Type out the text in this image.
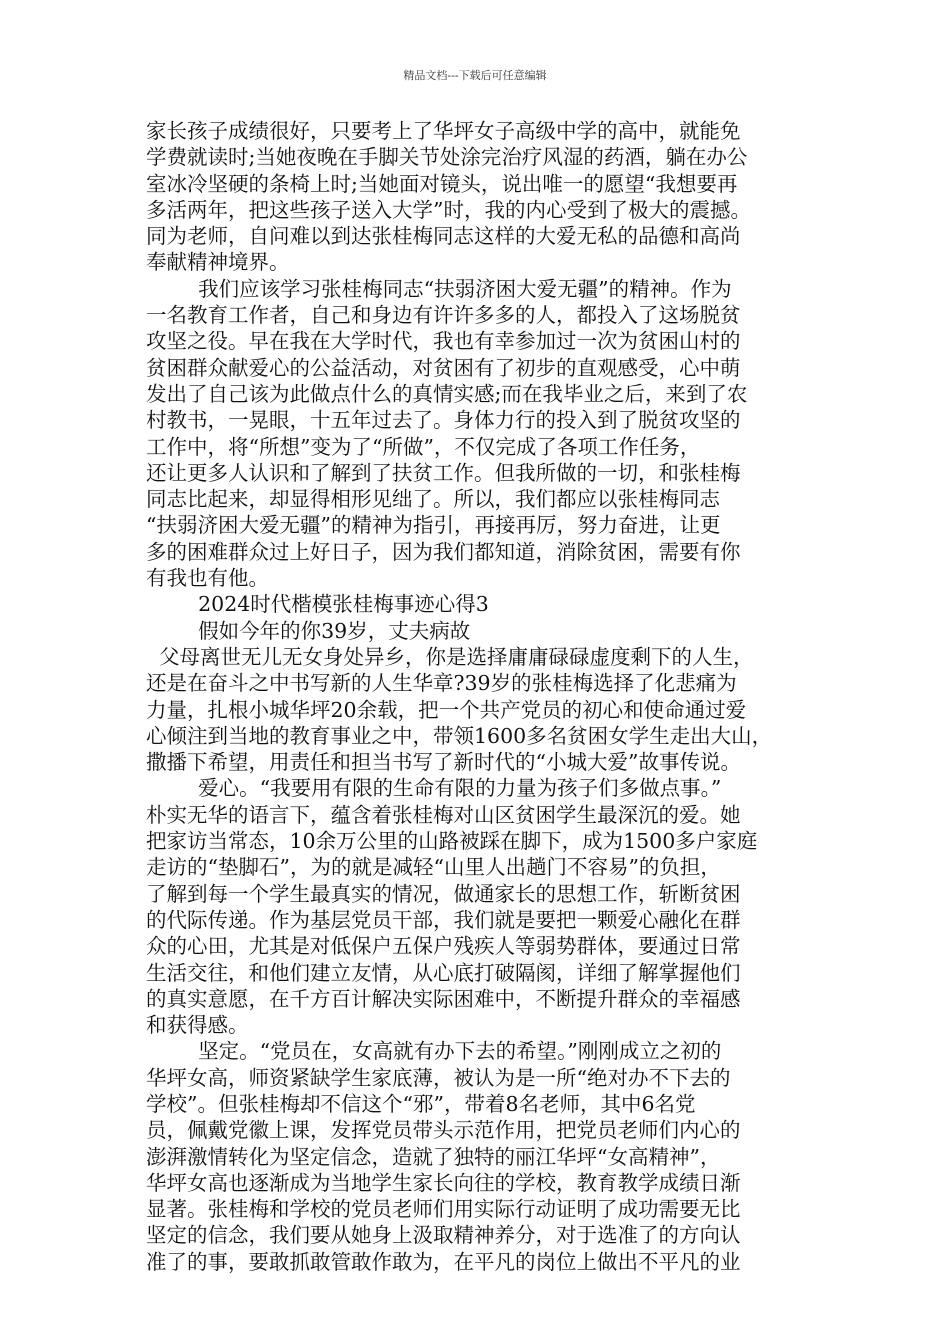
精品文档---下载后可任意编辑
家长孩子成绩很好，只要考上了华坪女子高级中学的高中，就能免
学费就读时;当她夜晚在手脚关节处涂完治疗风湿的药酒，躺在办公
室冰冷坚硬的条椅上时;当她面对镜头，说出唯一的愿望“我想要再
多活两年，把这些孩子送入大学”时，我的内心受到了极大的震撼。
同为老师，自问难以到达张桂梅同志这样的大爱无私的品德和高尚
奉献精神境界。
我们应该学习张桂梅同志“扶弱济困大爱无疆”的精神。作为
一名教育工作者，自己和身边有许许多多的人，都投入了这场脱贫
攻坚之役。早在我在大学时代，我也有幸参加过一次为贫困山村的
贫困群众献爱心的公益活动，对贫困有了初步的直观感受，心中萌
发出了自己该为此做点什么的真情实感;而在我毕业之后，来到了农
村教书，一晃眼，十五年过去了。身体力行的投入到了脱贫攻坚的
工作中，将“所想”变为了“所做”，不仅完成了各项工作任务，
还让更多人认识和了解到了扶贫工作。但我所做的一切，和张桂梅
同志比起来，却显得相形见绌了。所以，我们都应以张桂梅同志
“扶弱济困大爱无疆”的精神为指引，再接再厉，努力奋进，让更
多的困难群众过上好日子，因为我们都知道，消除贫困，需要有你
有我也有他。
2024时代楷模张桂梅事迹心得3
假如今年的你39岁，丈夫病故
父母离世无儿无女身处异乡，你是选择庸庸碌碌虚度剩下的人生，
还是在奋斗之中书写新的人生华章?39岁的张桂梅选择了化悲痛为
力量，扎根小城华坪20余载，把一个共产党员的初心和使命通过爱
心倾注到当地的教育事业之中，带领1600多名贫困女学生走出大山，
撒播下希望，用责任和担当书写了新时代的“小城大爱”故事传说。
爱心。“我要用有限的生命有限的力量为孩子们多做点事。”
朴实无华的语言下，蕴含着张桂梅对山区贫困学生最深沉的爱。她
把家访当常态，10余万公里的山路被踩在脚下，成为1500多户家庭
走访的“垫脚石”，为的就是减轻“山里人出趟门不容易”的负担，
了解到每一个学生最真实的情况，做通家长的思想工作，斩断贫困
的代际传递。作为基层党员干部，我们就是要把一颗爱心融化在群
众的心田，尤其是对低保户五保户残疾人等弱势群体，要通过日常
生活交往，和他们建立友情，从心底打破隔阂，详细了解掌握他们
的真实意愿，在千方百计解决实际困难中，不断提升群众的幸福感
和获得感。
坚定。“党员在，女高就有办下去的希望。”刚刚成立之初的
华坪女高，师资紧缺学生家底薄，被认为是一所“绝对办不下去的
学校”。但张桂梅却不信这个“邪”，带着8名老师，其中6名党
员，佩戴党徽上课，发挥党员带头示范作用，把党员老师们内心的
澎湃激情转化为坚定信念，造就了独特的丽江华坪“女高精神”，
华坪女高也逐渐成为当地学生家长向往的学校，教育教学成绩日渐
显著。张桂梅和学校的党员老师们用实际行动证明了成功需要无比
坚定的信念，我们要从她身上汲取精神养分，对于选准了的方向认
准了的事，要敢抓敢管敢作敢为，在平凡的岗位上做出不平凡的业
